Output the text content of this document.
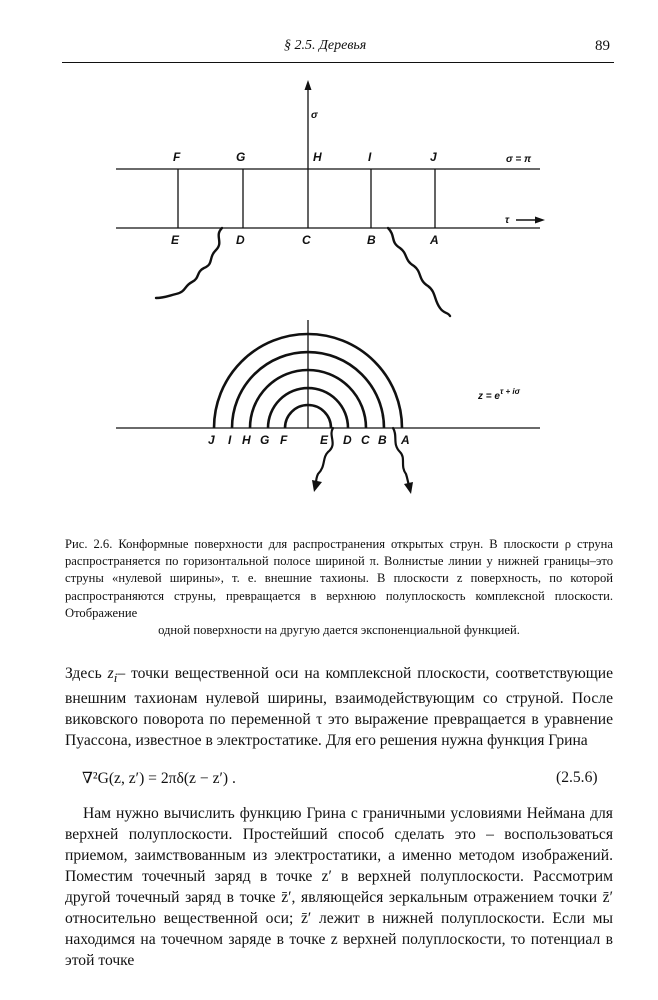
§ 2.5. Деревья	89
σ
F	G	H	I	J	σ = π
τ
E	D	C	B	A
$z = e^{\tau + i\sigma}$
J I H G F	E D C B A
Рис. 2.6. Конформные поверхности для распространения открытых струн. В плоскости ρ струна распространяется по горизонтальной полосе шириной π. Волнистые линии у нижней границы–это струны «нулевой ширины», т. е. внешние тахионы. В плоскости z поверхность, по которой распространяются струны, превращается в верхнюю полуплоскость комплексной плоскости. Отображение
одной поверхности на другую дается экспоненциальной функцией.
Здесь $z_i-$ точки вещественной оси на комплексной плоскости, соответствующие внешним тахионам нулевой ширины, взаимодействующим со струной. После виковского поворота по переменной τ это выражение превращается в уравнение Пуассона, известное в электростатике. Для его решения нужна функция Грина
∇²G(z, z′) = 2πδ(z − z′) .	(2.5.6)
Нам нужно вычислить функцию Грина с граничными условиями Неймана для верхней полуплоскости. Простейший способ сделать это – воспользоваться приемом, заимствованным из электростатики, а именно методом изображений. Поместим точечный заряд в точке z′ в верхней полуплоскости. Рассмотрим другой точечный заряд в точке z̄′, являющейся зеркальным отражением точки z̄′ относительно вещественной оси; z̄′ лежит в нижней полуплоскости. Если мы находимся на точечном заряде в точке z верхней полуплоскости, то потенциал в этой точке
